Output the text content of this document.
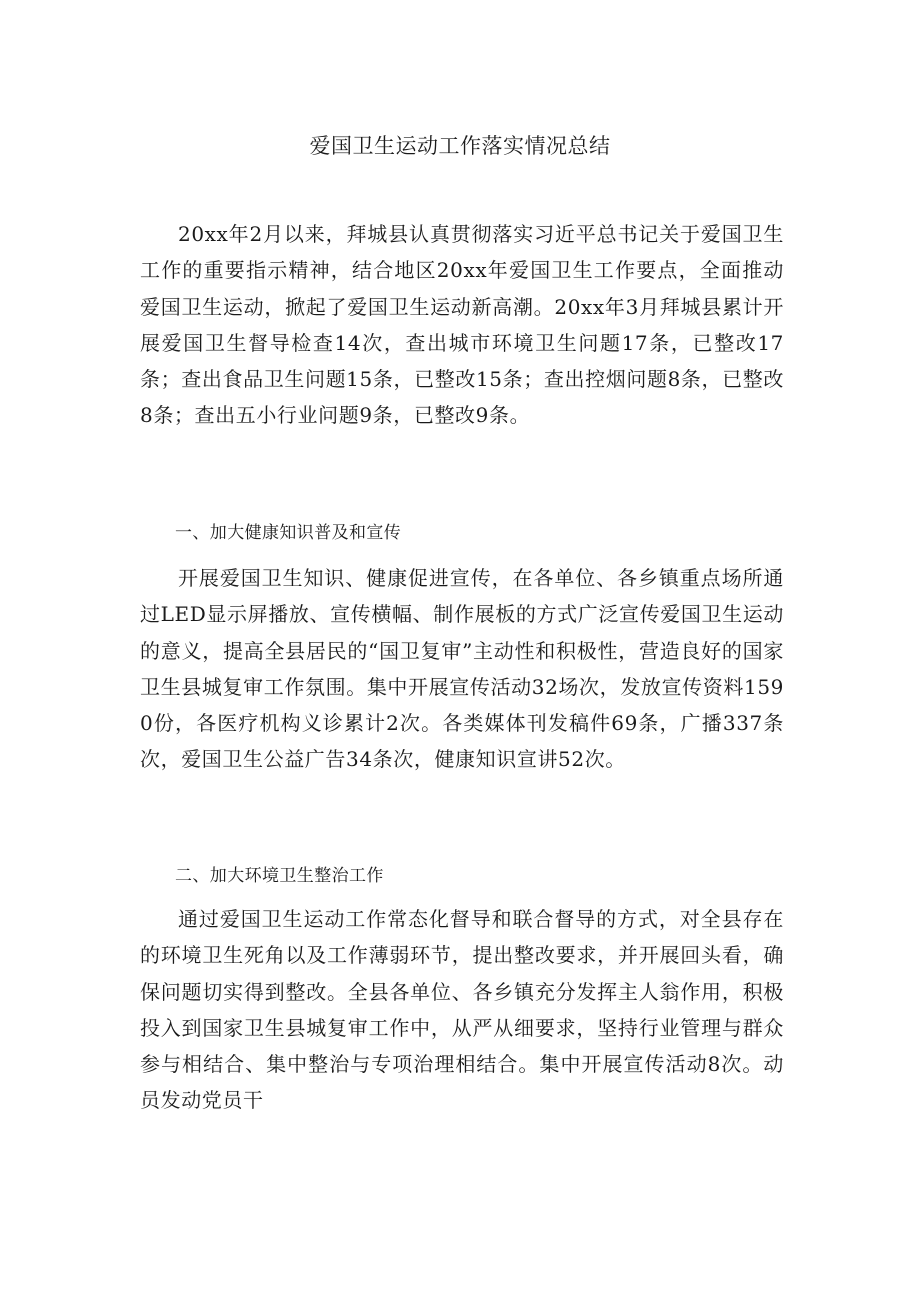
爱国卫生运动工作落实情况总结

20xx年2月以来，拜城县认真贯彻落实习近平总书记关于爱国卫生工作的重要指示精神，结合地区20xx年爱国卫生工作要点，全面推动爱国卫生运动，掀起了爱国卫生运动新高潮。20xx年3月拜城县累计开展爱国卫生督导检查14次，查出城市环境卫生问题17条，已整改17条；查出食品卫生问题15条，已整改15条；查出控烟问题8条，已整改8条；查出五小行业问题9条，已整改9条。

一、加大健康知识普及和宣传

开展爱国卫生知识、健康促进宣传，在各单位、各乡镇重点场所通过LED显示屏播放、宣传横幅、制作展板的方式广泛宣传爱国卫生运动的意义，提高全县居民的“国卫复审”主动性和积极性，营造良好的国家卫生县城复审工作氛围。集中开展宣传活动32场次，发放宣传资料1590份，各医疗机构义诊累计2次。各类媒体刊发稿件69条，广播337条次，爱国卫生公益广告34条次，健康知识宣讲52次。

二、加大环境卫生整治工作

通过爱国卫生运动工作常态化督导和联合督导的方式，对全县存在的环境卫生死角以及工作薄弱环节，提出整改要求，并开展回头看，确保问题切实得到整改。全县各单位、各乡镇充分发挥主人翁作用，积极投入到国家卫生县城复审工作中，从严从细要求，坚持行业管理与群众参与相结合、集中整治与专项治理相结合。集中开展宣传活动8次。动员发动党员干
